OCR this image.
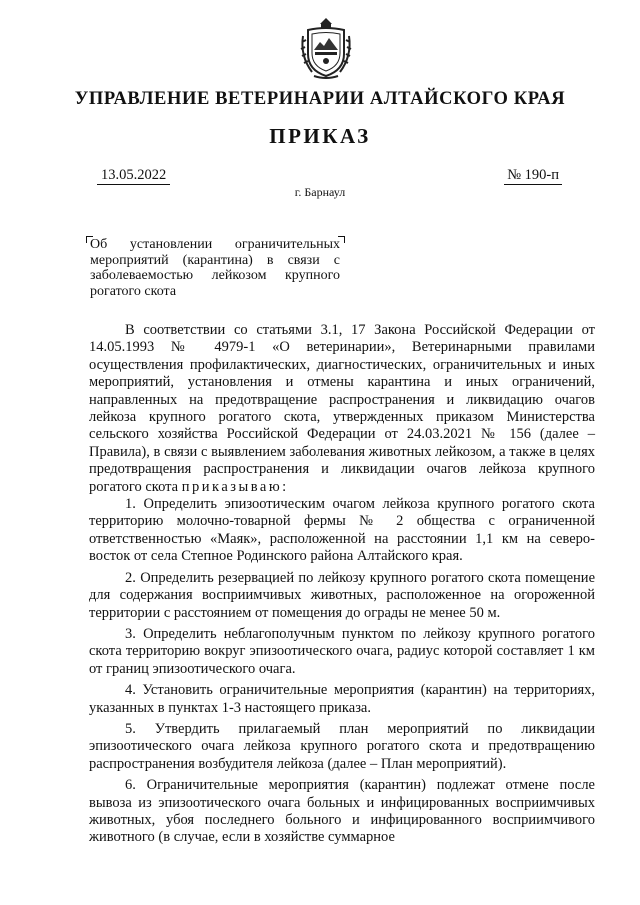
УПРАВЛЕНИЕ ВЕТЕРИНАРИИ АЛТАЙСКОГО КРАЯ
ПРИКАЗ
13.05.2022	№ 190-п
г. Барнаул
Об установлении ограничительных мероприятий (карантина) в связи с заболеваемостью лейкозом крупного рогатого скота

В соответствии со статьями 3.1, 17 Закона Российской Федерации от 14.05.1993 № 4979-1 «О ветеринарии», Ветеринарными правилами осуществления профилактических, диагностических, ограничительных и иных мероприятий, установления и отмены карантина и иных ограничений, направленных на предотвращение распространения и ликвидацию очагов лейкоза крупного рогатого скота, утвержденных приказом Министерства сельского хозяйства Российской Федерации от 24.03.2021 № 156 (далее – Правила), в связи с выявлением заболевания животных лейкозом, а также в целях предотвращения распространения и ликвидации очагов лейкоза крупного рогатого скота приказываю:

1. Определить эпизоотическим очагом лейкоза крупного рогатого скота территорию молочно-товарной фермы № 2 общества с ограниченной ответственностью «Маяк», расположенной на расстоянии 1,1 км на северо-восток от села Степное Родинского района Алтайского края.

2. Определить резервацией по лейкозу крупного рогатого скота помещение для содержания восприимчивых животных, расположенное на огороженной территории с расстоянием от помещения до ограды не менее 50 м.

3. Определить неблагополучным пунктом по лейкозу крупного рогатого скота территорию вокруг эпизоотического очага, радиус которой составляет 1 км от границ эпизоотического очага.

4. Установить ограничительные мероприятия (карантин) на территориях, указанных в пунктах 1-3 настоящего приказа.

5. Утвердить прилагаемый план мероприятий по ликвидации эпизоотического очага лейкоза крупного рогатого скота и предотвращению распространения возбудителя лейкоза (далее – План мероприятий).

6. Ограничительные мероприятия (карантин) подлежат отмене после вывоза из эпизоотического очага больных и инфицированных восприимчивых животных, убоя последнего больного и инфицированного восприимчивого животного (в случае, если в хозяйстве суммарное
